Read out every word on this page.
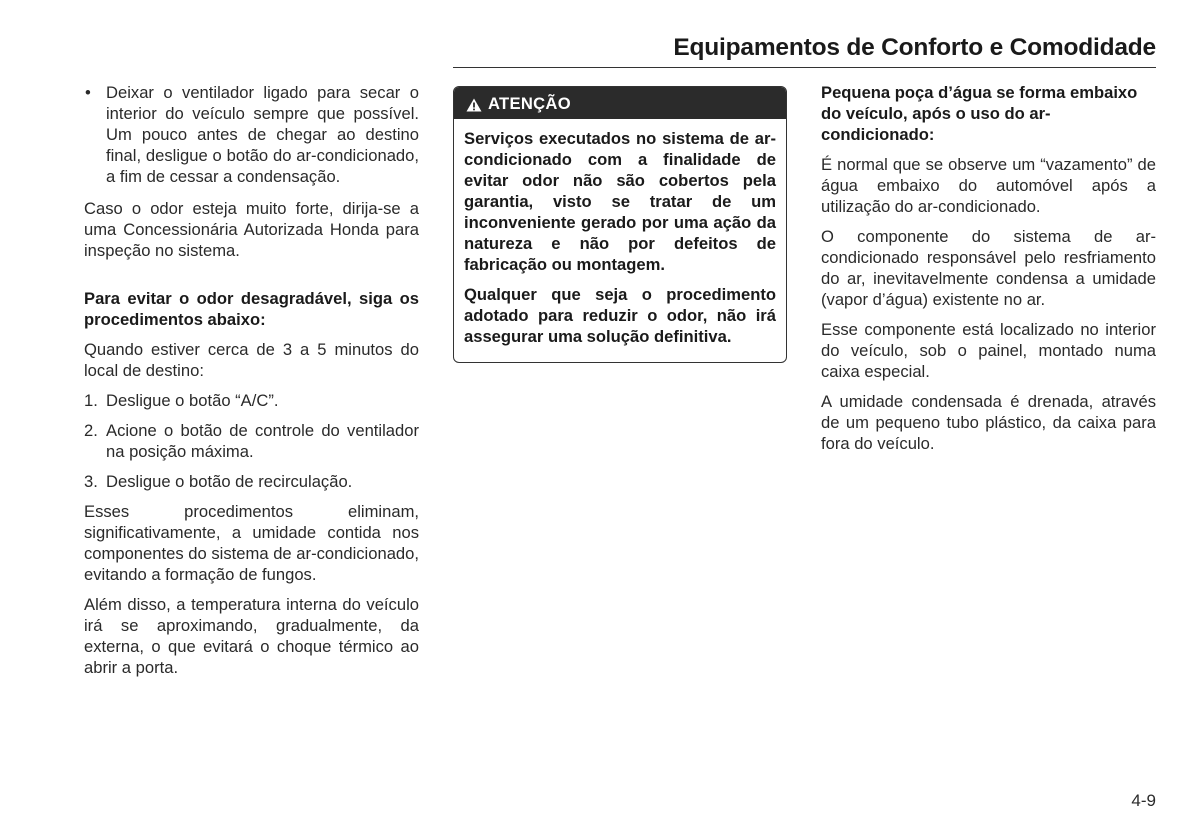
Equipamentos de Conforto e Comodidade
• Deixar o ventilador ligado para secar o interior do veículo sempre que possível. Um pouco antes de chegar ao destino final, desligue o botão do ar-condicionado, a fim de cessar a condensação.

Caso o odor esteja muito forte, dirija-se a uma Concessionária Autorizada Honda para inspeção no sistema.

Para evitar o odor desagradável, siga os procedimentos abaixo:

Quando estiver cerca de 3 a 5 minutos do local de destino:

1. Desligue o botão “A/C”.
2. Acione o botão de controle do ventilador na posição máxima.
3. Desligue o botão de recirculação.

Esses procedimentos eliminam, significativamente, a umidade contida nos componentes do sistema de ar-condicionado, evitando a formação de fungos.

Além disso, a temperatura interna do veículo irá se aproximando, gradualmente, da externa, o que evitará o choque térmico ao abrir a porta.

ATENÇÃO

Serviços executados no sistema de ar-condicionado com a finalidade de evitar odor não são cobertos pela garantia, visto se tratar de um inconveniente gerado por uma ação da natureza e não por defeitos de fabricação ou montagem.

Qualquer que seja o procedimento adotado para reduzir o odor, não irá assegurar uma solução definitiva.

Pequena poça d’água se forma embaixo do veículo, após o uso do ar-condicionado:

É normal que se observe um “vazamento” de água embaixo do automóvel após a utilização do ar-condicionado.

O componente do sistema de ar-condicionado responsável pelo resfriamento do ar, inevitavelmente condensa a umidade (vapor d’água) existente no ar.

Esse componente está localizado no interior do veículo, sob o painel, montado numa caixa especial.

A umidade condensada é drenada, através de um pequeno tubo plástico, da caixa para fora do veículo.

4-9
